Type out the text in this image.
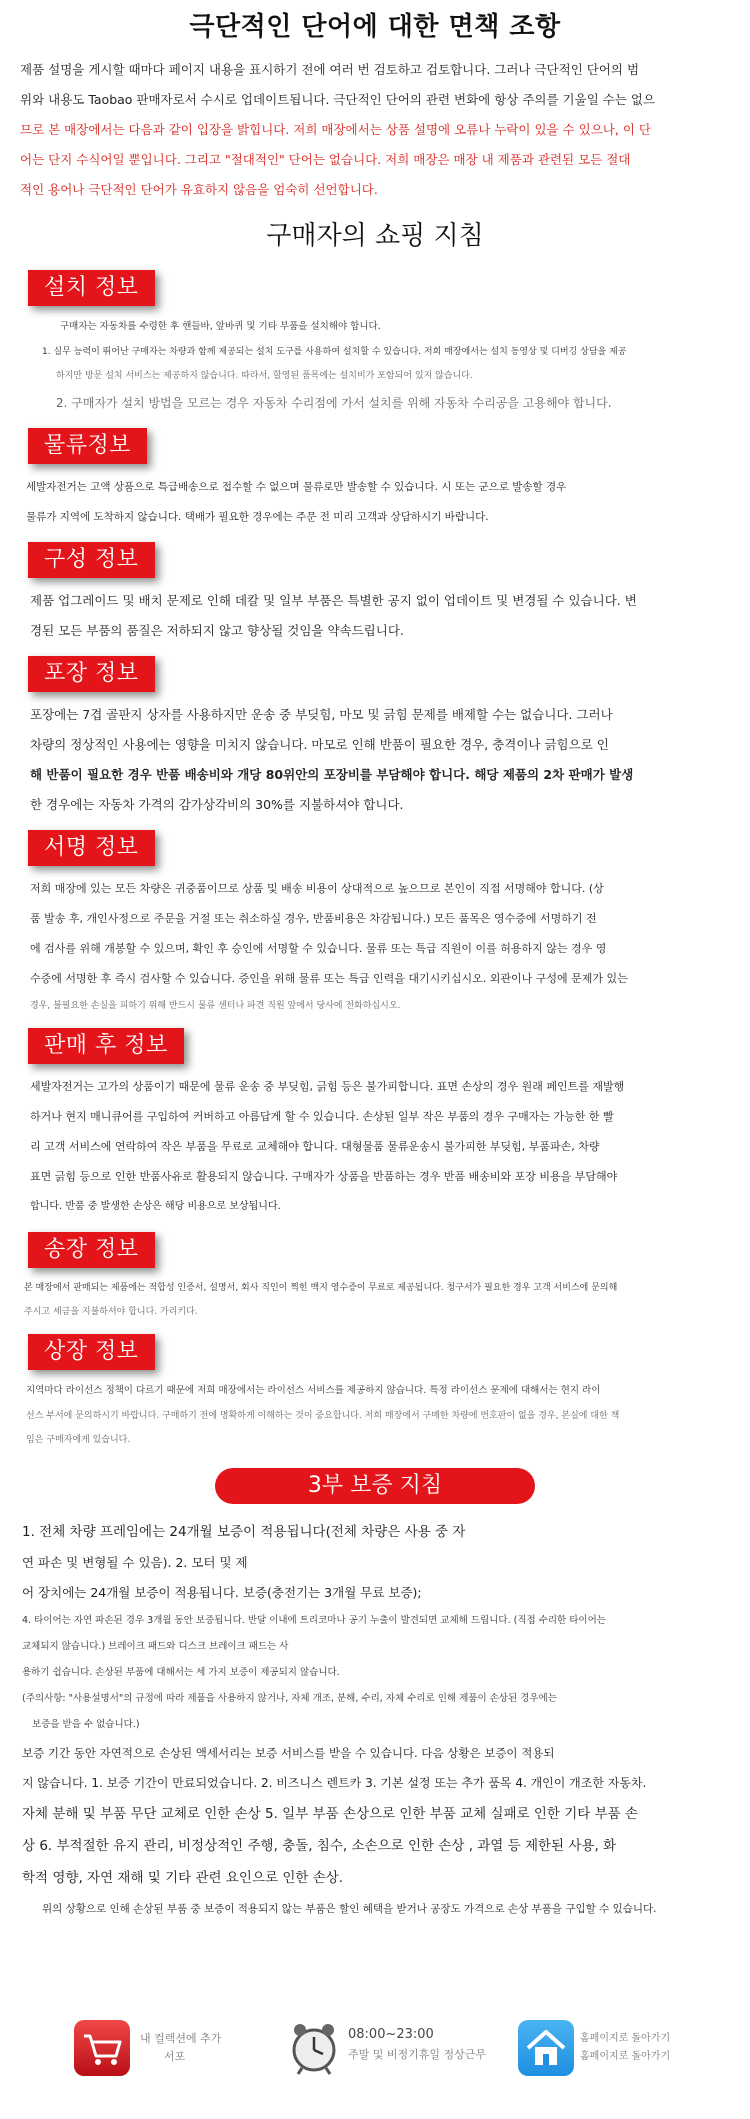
극단적인 단어에 대한 면책 조항
제품 설명을 게시할 때마다 페이지 내용을 표시하기 전에 여러 번 검토하고 검토합니다. 그러나 극단적인 단어의 범
위와 내용도 Taobao 판매자로서 수시로 업데이트됩니다. 극단적인 단어의 관련 변화에 항상 주의를 기울일 수는 없으
므로 본 매장에서는 다음과 같이 입장을 밝힙니다. 저희 매장에서는 상품 설명에 오류나 누락이 있을 수 있으나, 이 단
어는 단지 수식어일 뿐입니다. 그리고 "절대적인" 단어는 없습니다. 저희 매장은 매장 내 제품과 관련된 모든 절대
적인 용어나 극단적인 단어가 유효하지 않음을 엄숙히 선언합니다.
구매자의 쇼핑 지침
설치 정보
구매자는 자동차를 수령한 후 핸들바, 앞바퀴 및 기타 부품을 설치해야 합니다.
1. 실무 능력이 뛰어난 구매자는 차량과 함께 제공되는 설치 도구를 사용하여 설치할 수 있습니다. 저희 매장에서는 설치 동영상 및 디버깅 상담을 제공
하지만 방문 설치 서비스는 제공하지 않습니다. 따라서, 할영된 품목에는 설치비가 포함되어 있지 않습니다.
2. 구매자가 설치 방법을 모르는 경우 자동차 수리점에 가서 설치를 위해 자동차 수리공을 고용해야 합니다.
물류정보
세발자전거는 고액 상품으로 특급배송으로 접수할 수 없으며 물류로만 발송할 수 있습니다. 시 또는 군으로 발송할 경우
물류가 지역에 도착하지 않습니다. 택배가 필요한 경우에는 주문 전 미리 고객과 상담하시기 바랍니다.
구성 정보
제품 업그레이드 및 배치 문제로 인해 데칼 및 일부 부품은 특별한 공지 없이 업데이트 및 변경될 수 있습니다. 변
경된 모든 부품의 품질은 저하되지 않고 향상될 것임을 약속드립니다.
포장 정보
포장에는 7겹 골판지 상자를 사용하지만 운송 중 부딪힘, 마모 및 긁힘 문제를 배제할 수는 없습니다. 그러나
차량의 정상적인 사용에는 영향을 미치지 않습니다. 마모로 인해 반품이 필요한 경우, 충격이나 긁힘으로 인
해 반품이 필요한 경우 반품 배송비와 개당 80위안의 포장비를 부담해야 합니다. 해당 제품의 2차 판매가 발생
한 경우에는 자동차 가격의 감가상각비의 30%를 지불하셔야 합니다.
서명 정보
저희 매장에 있는 모든 차량은 귀중품이므로 상품 및 배송 비용이 상대적으로 높으므로 본인이 직접 서명해야 합니다. (상
품 발송 후, 개인사정으로 주문을 거절 또는 취소하실 경우, 반품비용은 차감됩니다.) 모든 품목은 영수증에 서명하기 전
에 검사를 위해 개봉할 수 있으며, 확인 후 승인에 서명할 수 있습니다. 물류 또는 특급 직원이 이를 허용하지 않는 경우 영
수증에 서명한 후 즉시 검사할 수 있습니다. 증인을 위해 물류 또는 특급 인력을 대기시키십시오. 외관이나 구성에 문제가 있는
경우, 불필요한 손실을 피하기 위해 반드시 물류 센터나 파견 직원 앞에서 당사에 전화하십시오.
판매 후 정보
세발자전거는 고가의 상품이기 때문에 물류 운송 중 부딪힘, 긁힘 등은 불가피합니다. 표면 손상의 경우 원래 페인트를 재발행
하거나 현지 매니큐어를 구입하여 커버하고 아름답게 할 수 있습니다. 손상된 일부 작은 부품의 경우 구매자는 가능한 한 빨
리 고객 서비스에 연락하여 작은 부품을 무료로 교체해야 합니다. 대형물품 물류운송시 불가피한 부딪힘, 부품파손, 차량
표면 긁힘 등으로 인한 반품사유로 활용되지 않습니다. 구매자가 상품을 반품하는 경우 반품 배송비와 포장 비용을 부담해야
합니다. 반품 중 발생한 손상은 해당 비용으로 보상됩니다.
송장 정보
본 매장에서 판매되는 제품에는 적합성 인증서, 설명서, 회사 직인이 찍힌 백지 영수증이 무료로 제공됩니다. 청구서가 필요한 경우 고객 서비스에 문의해
주시고 세금을 지불하셔야 합니다. 가리키다.
상장 정보
지역마다 라이선스 정책이 다르기 때문에 저희 매장에서는 라이선스 서비스를 제공하지 않습니다. 특정 라이선스 문제에 대해서는 현지 라이
선스 부서에 문의하시기 바랍니다. 구매하기 전에 명확하게 이해하는 것이 중요합니다. 저희 매장에서 구매한 차량에 번호판이 없을 경우, 본실에 대한 책
임은 구매자에게 있습니다.
3부 보증 지침
1. 전체 차량 프레임에는 24개월 보증이 적용됩니다(전체 차량은 사용 중 자
연 파손 및 변형될 수 있음). 2. 모터 및 제
어 장치에는 24개월 보증이 적용됩니다. 보증(충전기는 3개월 무료 보증);
4. 타이어는 자연 파손된 경우 3개월 동안 보증됩니다. 반달 이내에 트리코마나 공기 누출이 발견되면 교체해 드립니다. (직접 수리한 타이어는
교체되지 않습니다.) 브레이크 패드와 디스크 브레이크 패드는 사
용하기 쉽습니다. 손상된 부품에 대해서는 세 가지 보증이 제공되지 않습니다.
(주의사항: "사용설명서"의 규정에 따라 제품을 사용하지 않거나, 자체 개조, 분해, 수리, 자체 수리로 인해 제품이 손상된 경우에는
보증을 받을 수 없습니다.)
보증 기간 동안 자연적으로 손상된 액세서리는 보증 서비스를 받을 수 있습니다. 다음 상황은 보증이 적용되
지 않습니다. 1. 보증 기간이 만료되었습니다. 2. 비즈니스 렌트카 3. 기본 설정 또는 추가 품목 4. 개인이 개조한 자동차.
자체 분해 및 부품 무단 교체로 인한 손상 5. 일부 부품 손상으로 인한 부품 교체 실패로 인한 기타 부품 손
상 6. 부적절한 유지 관리, 비정상적인 주행, 충돌, 침수, 소손으로 인한 손상 , 과열 등 제한된 사용, 화
학적 영향, 자연 재해 및 기타 관련 요인으로 인한 손상.
위의 상황으로 인해 손상된 부품 중 보증이 적용되지 않는 부품은 할인 혜택을 받거나 공장도 가격으로 손상 부품을 구입할 수 있습니다.
내 컬렉션에 추가
서포
08:00~23:00
주말 및 비정기휴일 정상근무
홈페이지로 돌아가기
홈페이지로 돌아가기
